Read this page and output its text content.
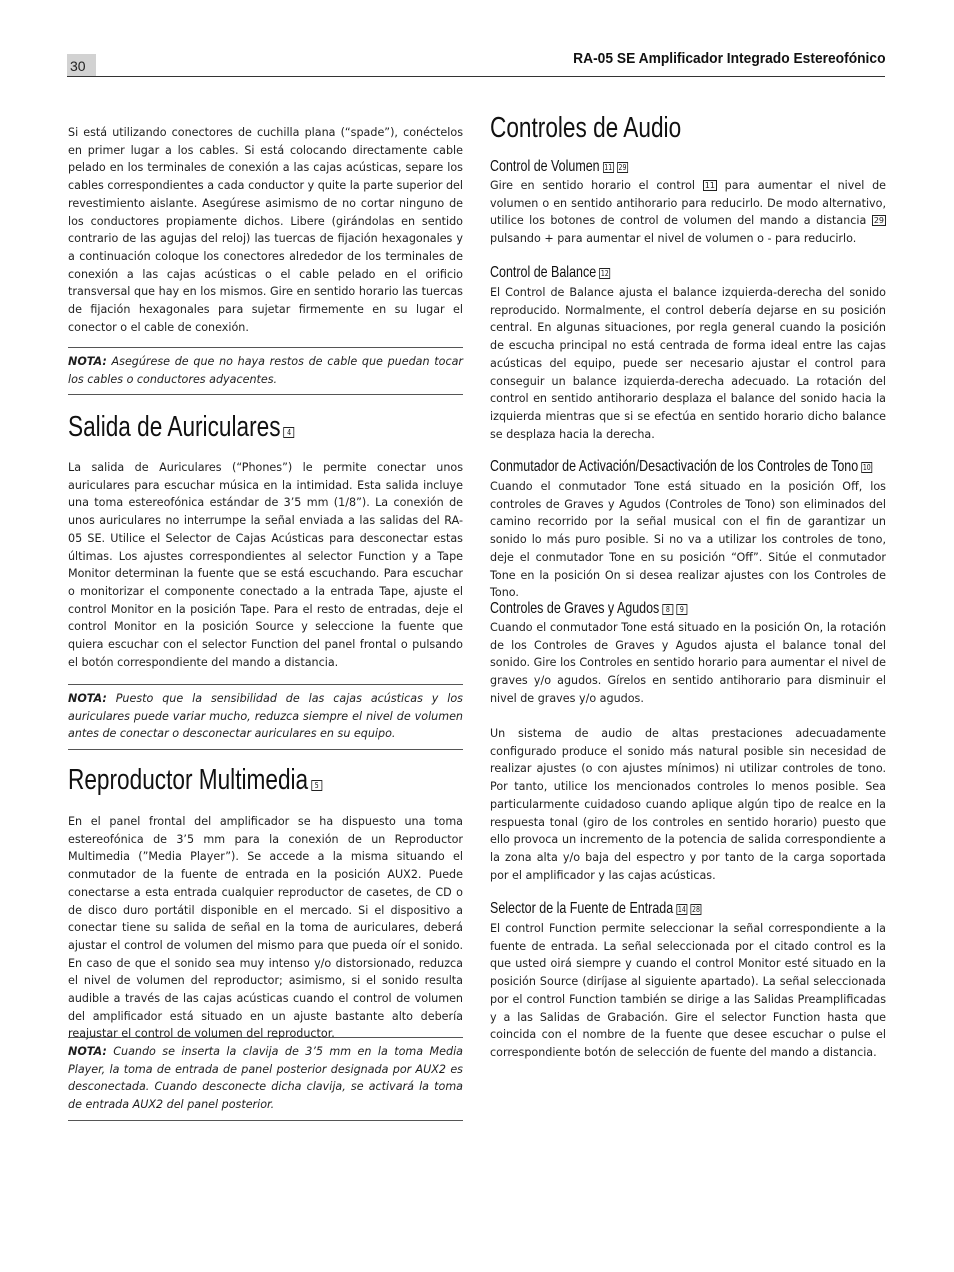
30	RA-05 SE Amplificador Integrado Estereofónico

Si está utilizando conectores de cuchilla plana (“spade”), conéctelos en primer lugar a los cables. Si está colocando directamente cable pelado en los terminales de conexión a las cajas acústicas, separe los cables correspondientes a cada conductor y quite la parte superior del revestimiento aislante. Asegúrese asimismo de no cortar ninguno de los conductores propiamente dichos. Libere (girándolas en sentido contrario de las agujas del reloj) las tuercas de fijación hexagonales y a continuación coloque los conectores alrededor de los terminales de conexión a las cajas acústicas o el cable pelado en el orificio transversal que hay en los mismos. Gire en sentido horario las tuercas de fijación hexagonales para sujetar firmemente en su lugar el conector o el cable de conexión.

NOTA: Asegúrese de que no haya restos de cable que puedan tocar los cables o conductores adyacentes.

Salida de Auriculares 4

La salida de Auriculares (“Phones”) le permite conectar unos auriculares para escuchar música en la intimidad. Esta salida incluye una toma estereofónica estándar de 3’5 mm (1/8”). La conexión de unos auriculares no interrumpe la señal enviada a las salidas del RA-05 SE. Utilice el Selector de Cajas Acústicas para desconectar estas últimas. Los ajustes correspondientes al selector Function y a Tape Monitor determinan la fuente que se está escuchando. Para escuchar o monitorizar el componente conectado a la entrada Tape, ajuste el control Monitor en la posición Tape. Para el resto de entradas, deje el control Monitor en la posición Source y seleccione la fuente que quiera escuchar con el selector Function del panel frontal o pulsando el botón correspondiente del mando a distancia.

NOTA: Puesto que la sensibilidad de las cajas acústicas y los auriculares puede variar mucho, reduzca siempre el nivel de volumen antes de conectar o desconectar auriculares en su equipo.

Reproductor Multimedia 5

En el panel frontal del amplificador se ha dispuesto una toma estereofónica de 3’5 mm para la conexión de un Reproductor Multimedia (”Media Player”). Se accede a la misma situando el conmutador de la fuente de entrada en la posición AUX2. Puede conectarse a esta entrada cualquier reproductor de casetes, de CD o de disco duro portátil disponible en el mercado. Si el dispositivo a conectar tiene su salida de señal en la toma de auriculares, deberá ajustar el control de volumen del mismo para que pueda oír el sonido. En caso de que el sonido sea muy intenso y/o distorsionado, reduzca el nivel de volumen del reproductor; asimismo, si el sonido resulta audible a través de las cajas acústicas cuando el control de volumen del amplificador está situado en un ajuste bastante alto debería reajustar el control de volumen del reproductor.

NOTA: Cuando se inserta la clavija de 3’5 mm en la toma Media Player, la toma de entrada de panel posterior designada por AUX2 es desconectada. Cuando desconecte dicha clavija, se activará la toma de entrada AUX2 del panel posterior.

Controles de Audio
Control de Volumen 11 29

Gire en sentido horario el control 11 para aumentar el nivel de volumen o en sentido antihorario para reducirlo. De modo alternativo, utilice los botones de control de volumen del mando a distancia 29 pulsando + para aumentar el nivel de volumen o - para reducirlo.

Control de Balance 12

El Control de Balance ajusta el balance izquierda-derecha del sonido reproducido. Normalmente, el control debería dejarse en su posición central. En algunas situaciones, por regla general cuando la posición de escucha principal no está centrada de forma ideal entre las cajas acústicas del equipo, puede ser necesario ajustar el control para conseguir un balance izquierda-derecha adecuado. La rotación del control en sentido antihorario desplaza el balance del sonido hacia la izquierda mientras que si se efectúa en sentido horario dicho balance se desplaza hacia la derecha.

Conmutador de Activación/Desactivación de los Controles de Tono 10

Cuando el conmutador Tone está situado en la posición Off, los controles de Graves y Agudos (Controles de Tono) son eliminados del camino recorrido por la señal musical con el fin de garantizar un sonido lo más puro posible. Si no va a utilizar los controles de tono, deje el conmutador Tone en su posición “Off”. Sitúe el conmutador Tone en la posición On si desea realizar ajustes con los Controles de Tono.

Controles de Graves y Agudos 8 9

Cuando el conmutador Tone está situado en la posición On, la rotación de los Controles de Graves y Agudos ajusta el balance tonal del sonido. Gire los Controles en sentido horario para aumentar el nivel de graves y/o agudos. Gírelos en sentido antihorario para disminuir el nivel de graves y/o agudos.

Un sistema de audio de altas prestaciones adecuadamente configurado produce el sonido más natural posible sin necesidad de realizar ajustes (o con ajustes mínimos) ni utilizar controles de tono. Por tanto, utilice los mencionados controles lo menos posible. Sea particularmente cuidadoso cuando aplique algún tipo de realce en la respuesta tonal (giro de los controles en sentido horario) puesto que ello provoca un incremento de la potencia de salida correspondiente a la zona alta y/o baja del espectro y por tanto de la carga soportada por el amplificador y las cajas acústicas.

Selector de la Fuente de Entrada 14 28

El control Function permite seleccionar la señal correspondiente a la fuente de entrada. La señal seleccionada por el citado control es la que usted oirá siempre y cuando el control Monitor esté situado en la posición Source (diríjase al siguiente apartado). La señal seleccionada por el control Function también se dirige a las Salidas Preamplificadas y a las Salidas de Grabación. Gire el selector Function hasta que coincida con el nombre de la fuente que desee escuchar o pulse el correspondiente botón de selección de fuente del mando a distancia.
